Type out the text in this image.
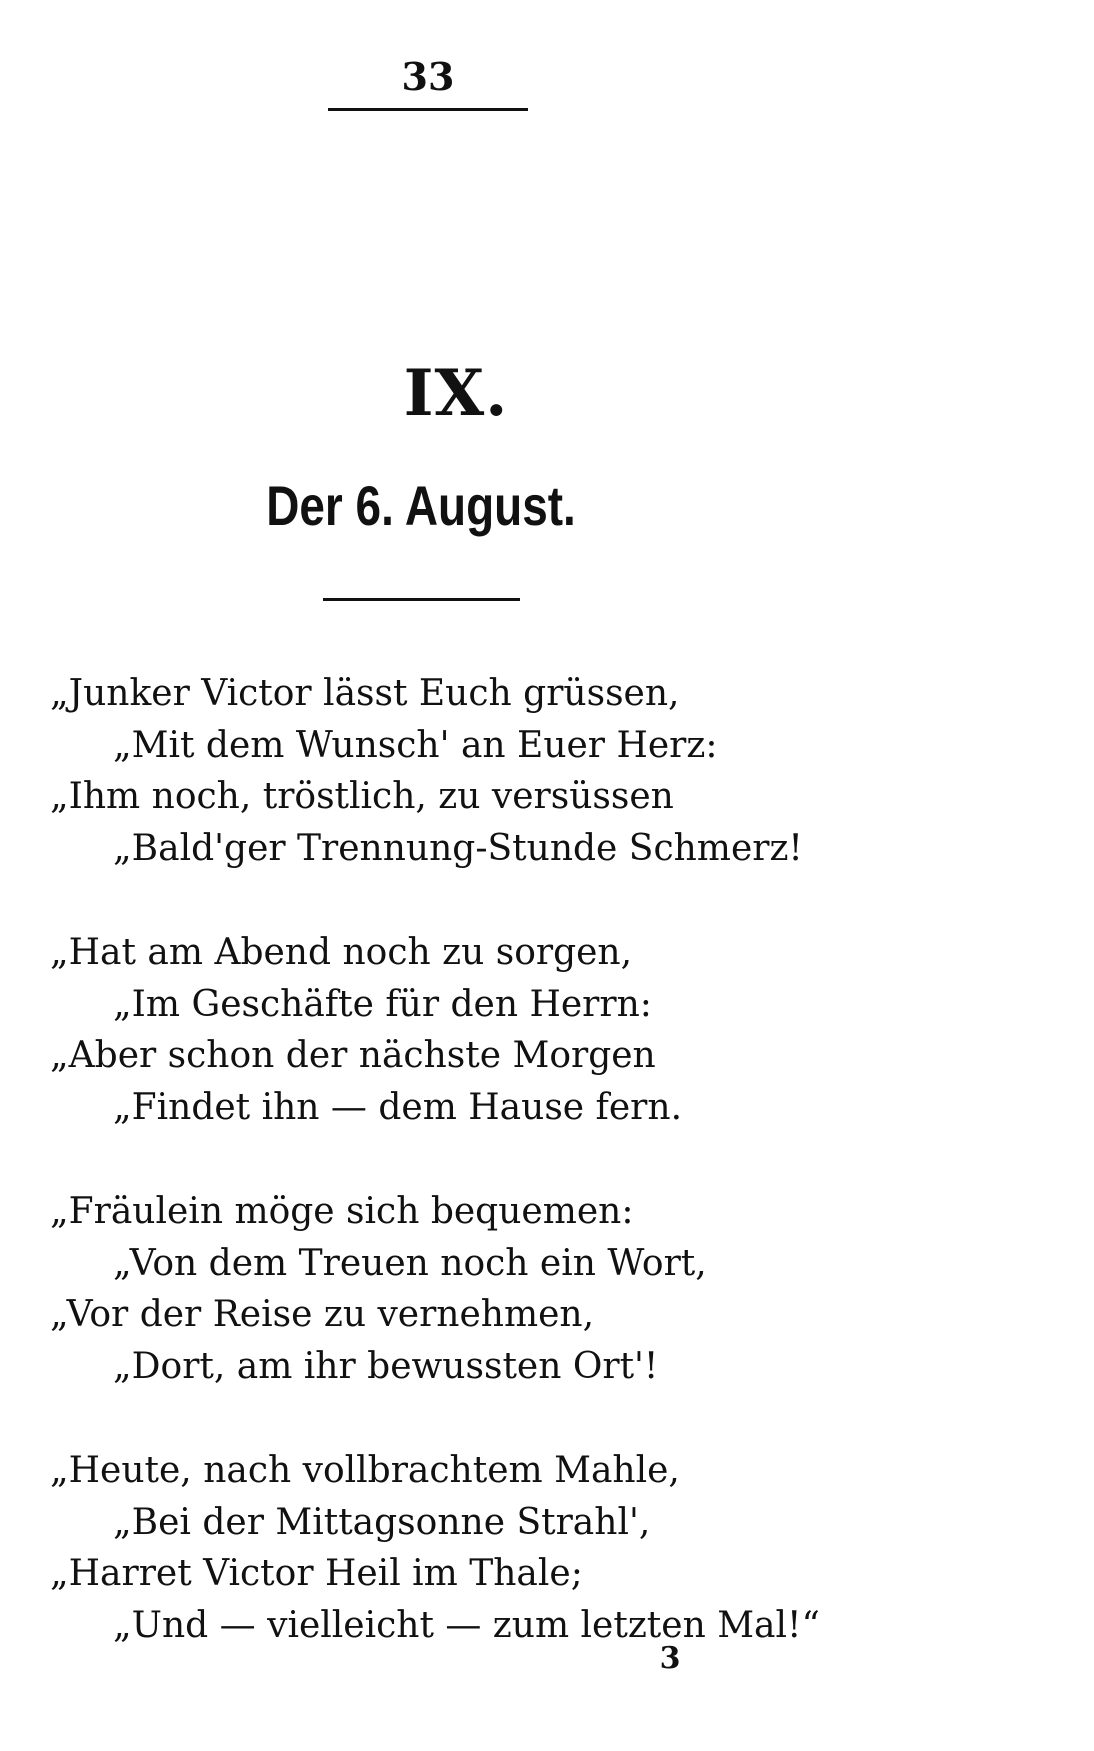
33
IX.
Der 6. August.
„Junker Victor lässt Euch grüssen,
„Mit dem Wunsch' an Euer Herz:
„Ihm noch, tröstlich, zu versüssen
„Bald'ger Trennung-Stunde Schmerz!
„Hat am Abend noch zu sorgen,
„Im Geschäfte für den Herrn:
„Aber schon der nächste Morgen
„Findet ihn — dem Hause fern.
„Fräulein möge sich bequemen:
„Von dem Treuen noch ein Wort,
„Vor der Reise zu vernehmen,
„Dort, am ihr bewussten Ort'!
„Heute, nach vollbrachtem Mahle,
„Bei der Mittagsonne Strahl',
„Harret Victor Heil im Thale;
„Und — vielleicht — zum letzten Mal!“
3
